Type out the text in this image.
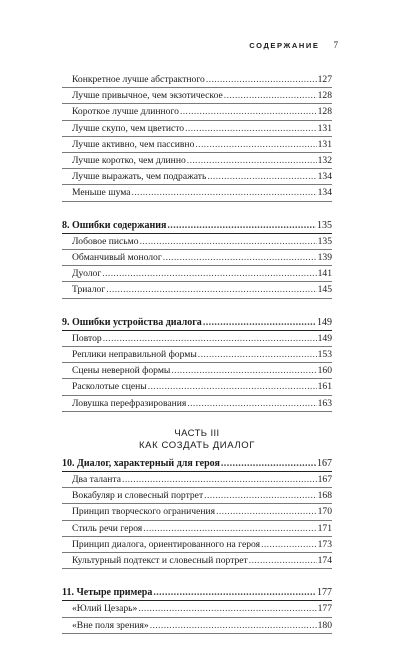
СОДЕРЖАНИЕ 7
Конкретное лучше абстрактного .....	127
Лучше привычное, чем экзотическое .....	128
Короткое лучше длинного .....	128
Лучше скупо, чем цветисто .....	131
Лучше активно, чем пассивно .....	131
Лучше коротко, чем длинно .....	132
Лучше выражать, чем подражать .....	134
Меньше шума .....	134
8. Ошибки содержания .....	135
Лобовое письмо .....	135
Обманчивый монолог .....	139
Дуолог .....	141
Триалог .....	145
9. Ошибки устройства диалога .....	149
Повтор .....	149
Реплики неправильной формы .....	153
Сцены неверной формы .....	160
Расколотые сцены .....	161
Ловушка перефразирования .....	163
ЧАСТЬ III
КАК СОЗДАТЬ ДИАЛОГ
10. Диалог, характерный для героя .....	167
Два таланта .....	167
Вокабуляр и словесный портрет .....	168
Принцип творческого ограничения .....	170
Стиль речи героя .....	171
Принцип диалога, ориентированного на героя .....	173
Культурный подтекст и словесный портрет .....	174
11. Четыре примера .....	177
«Юлий Цезарь» .....	177
«Вне поля зрения» .....	180
